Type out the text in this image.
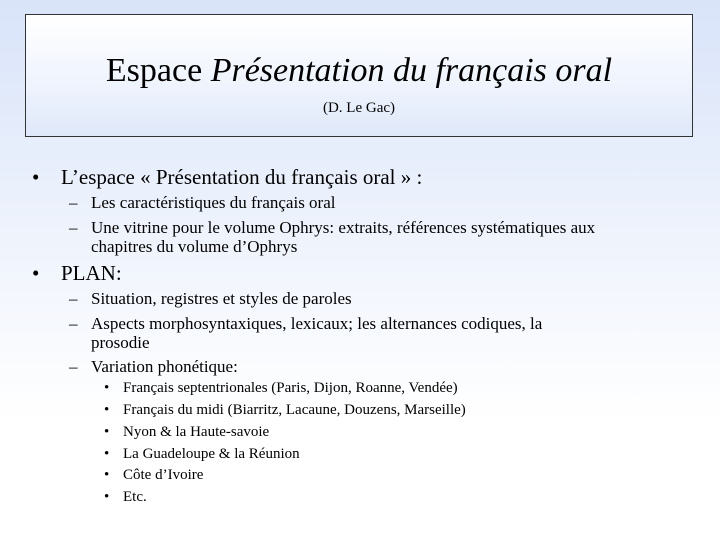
Espace Présentation du français oral
(D. Le Gac)
• L’espace « Présentation du français oral » :
– Les caractéristiques du français oral
– Une vitrine pour le volume Ophrys: extraits, références systématiques aux
chapitres du volume d’Ophrys
• PLAN:
– Situation, registres et styles de paroles
– Aspects morphosyntaxiques, lexicaux; les alternances codiques, la
prosodie
– Variation phonétique:
• Français septentrionales (Paris, Dijon, Roanne, Vendée)
• Français du midi (Biarritz, Lacaune, Douzens, Marseille)
• Nyon & la Haute-savoie
• La Guadeloupe & la Réunion
• Côte d’Ivoire
• Etc.
